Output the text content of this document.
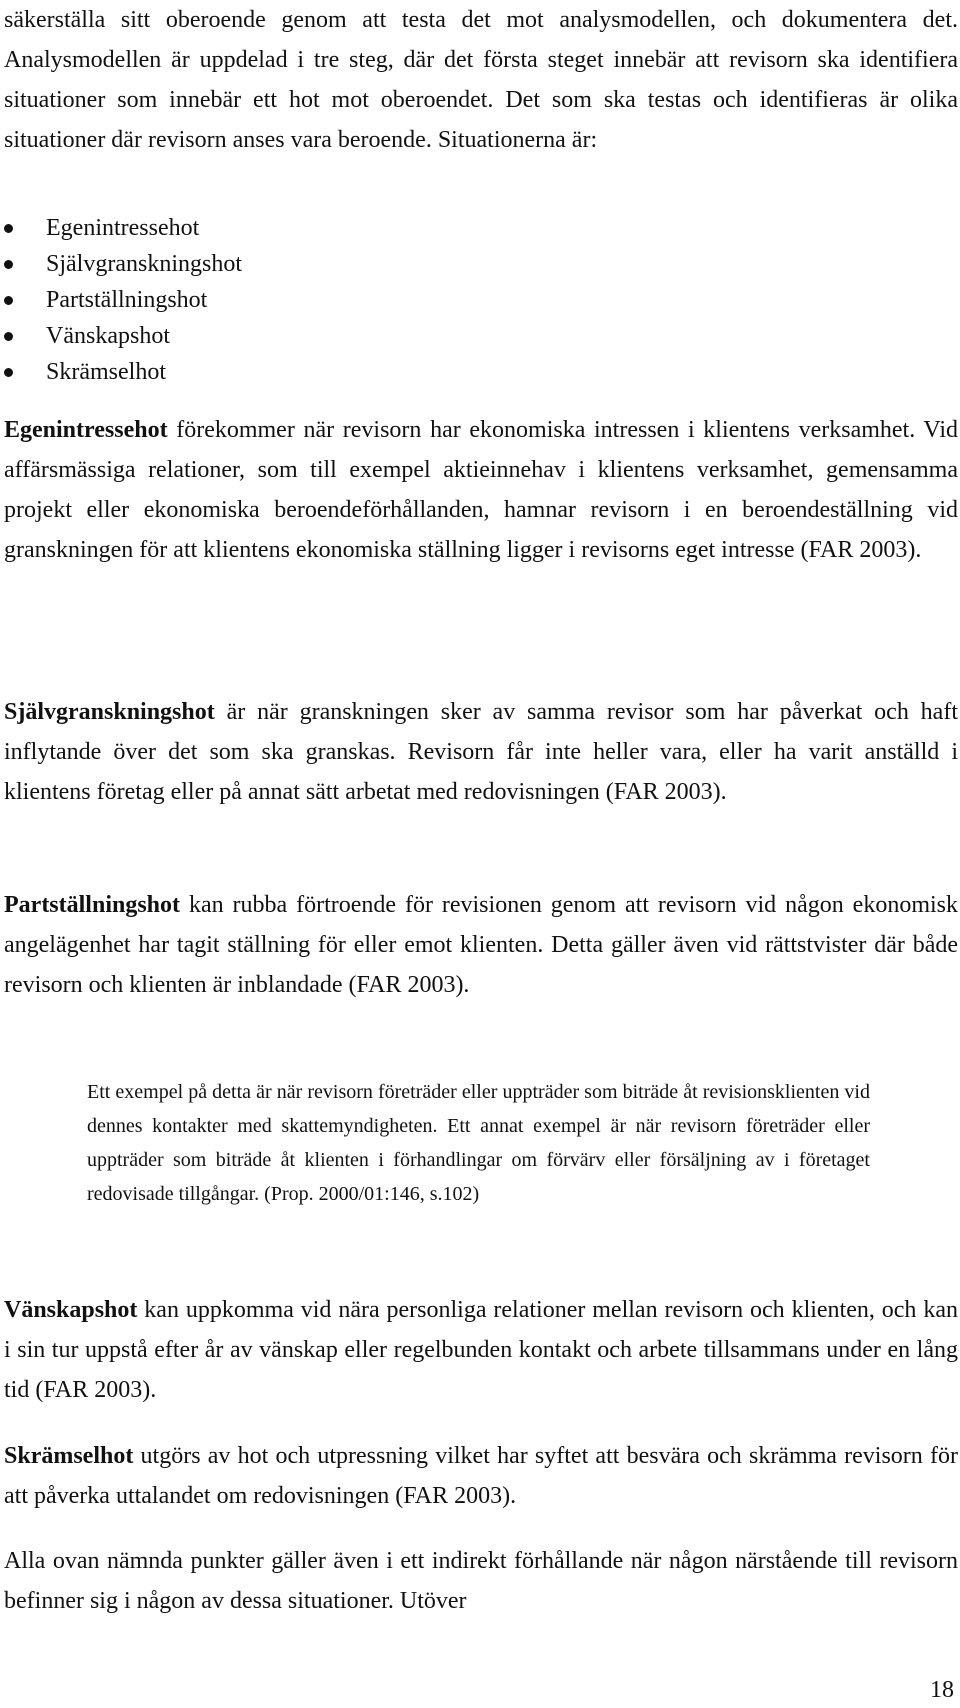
säkerställa sitt oberoende genom att testa det mot analysmodellen, och dokumentera det. Analysmodellen är uppdelad i tre steg, där det första steget innebär att revisorn ska identifiera situationer som innebär ett hot mot oberoendet. Det som ska testas och identifieras är olika situationer där revisorn anses vara beroende. Situationerna är:

Egenintressehot
Självgranskningshot
Partställningshot
Vänskapshot
Skrämselhot

Egenintressehot förekommer när revisorn har ekonomiska intressen i klientens verksamhet. Vid affärsmässiga relationer, som till exempel aktieinnehav i klientens verksamhet, gemensamma projekt eller ekonomiska beroendeförhållanden, hamnar revisorn i en beroendeställning vid granskningen för att klientens ekonomiska ställning ligger i revisorns eget intresse (FAR 2003).

Självgranskningshot är när granskningen sker av samma revisor som har påverkat och haft inflytande över det som ska granskas. Revisorn får inte heller vara, eller ha varit anställd i klientens företag eller på annat sätt arbetat med redovisningen (FAR 2003).

Partställningshot kan rubba förtroende för revisionen genom att revisorn vid någon ekonomisk angelägenhet har tagit ställning för eller emot klienten. Detta gäller även vid rättstvister där både revisorn och klienten är inblandade (FAR 2003).

Ett exempel på detta är när revisorn företräder eller uppträder som biträde åt revisionsklienten vid dennes kontakter med skattemyndigheten. Ett annat exempel är när revisorn företräder eller uppträder som biträde åt klienten i förhandlingar om förvärv eller försäljning av i företaget redovisade tillgångar. (Prop. 2000/01:146, s.102)

Vänskapshot kan uppkomma vid nära personliga relationer mellan revisorn och klienten, och kan i sin tur uppstå efter år av vänskap eller regelbunden kontakt och arbete tillsammans under en lång tid (FAR 2003).

Skrämselhot utgörs av hot och utpressning vilket har syftet att besvära och skrämma revisorn för att påverka uttalandet om redovisningen (FAR 2003).

Alla ovan nämnda punkter gäller även i ett indirekt förhållande när någon närstående till revisorn befinner sig i någon av dessa situationer. Utöver

18
